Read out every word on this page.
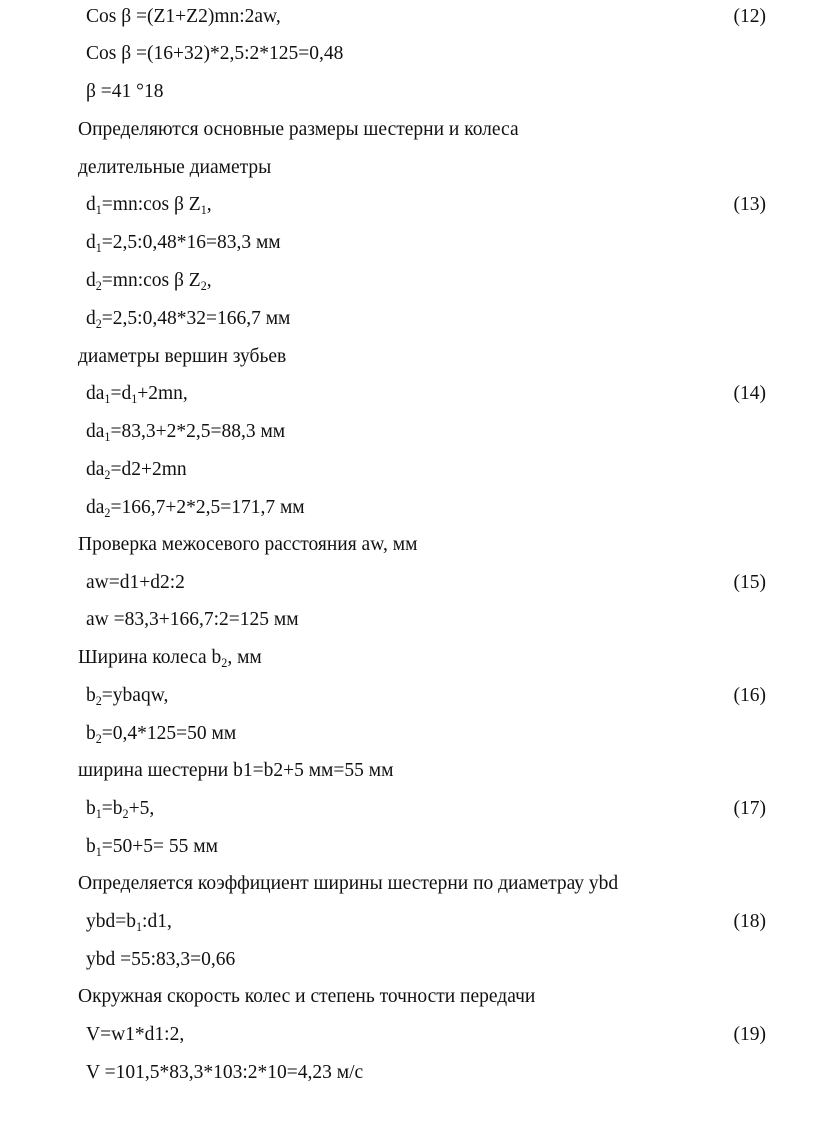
Cos β =(Z1+Z2)mn:2aw,	(12)
Cos β =(16+32)*2,5:2*125=0,48
β =41 °18
Определяются основные размеры шестерни и колеса
делительные диаметры
$d_1=mn:\cos$ β $Z_1$,	(13)
$d_1=2,5:0,48*16=83,3$ мм
$d_2=mn:\cos$ β $Z_2$,
$d_2=2,5:0,48*32=166,7$ мм
диаметры вершин зубьев
$da_1=d_1+2mn$,	(14)
$da_1=83,3+2*2,5=88,3$ мм
$da_2=d2+2mn$
$da_2=166,7+2*2,5=171,7$ мм
Проверка межосевого расстояния aw, мм
aw=d1+d2:2	(15)
aw =83,3+166,7:2=125 мм
Ширина колеса $b_2$, мм
$b_2=ybaqw$,	(16)
$b_2=0,4*125=50$ мм
ширина шестерни b1=b2+5 мм=55 мм
$b_1=b_2+5$,	(17)
$b_1=50+5= 55$ мм
Определяется коэффициент ширины шестерни по диаметрау ybd
$ybd=b_1:d1$,	(18)
ybd =55:83,3=0,66
Окружная скорость колес и степень точности передачи
V=w1*d1:2,	(19)
V =101,5*83,3*103:2*10=4,23 м/с
